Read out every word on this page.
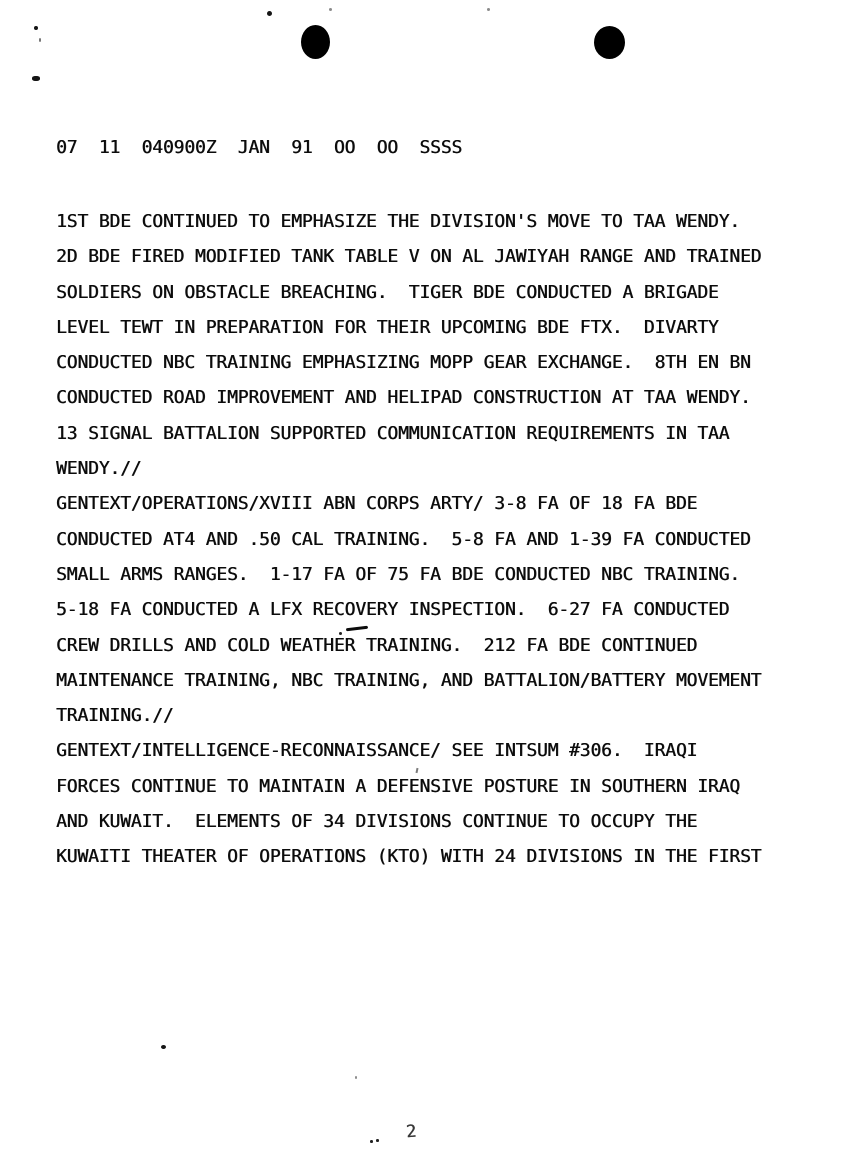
07  11  040900Z  JAN  91  OO  OO  SSSS
1ST BDE CONTINUED TO EMPHASIZE THE DIVISION'S MOVE TO TAA WENDY.
2D BDE FIRED MODIFIED TANK TABLE V ON AL JAWIYAH RANGE AND TRAINED
SOLDIERS ON OBSTACLE BREACHING.  TIGER BDE CONDUCTED A BRIGADE
LEVEL TEWT IN PREPARATION FOR THEIR UPCOMING BDE FTX.  DIVARTY
CONDUCTED NBC TRAINING EMPHASIZING MOPP GEAR EXCHANGE.  8TH EN BN
CONDUCTED ROAD IMPROVEMENT AND HELIPAD CONSTRUCTION AT TAA WENDY.
13 SIGNAL BATTALION SUPPORTED COMMUNICATION REQUIREMENTS IN TAA
WENDY.//
GENTEXT/OPERATIONS/XVIII ABN CORPS ARTY/ 3-8 FA OF 18 FA BDE
CONDUCTED AT4 AND .50 CAL TRAINING.  5-8 FA AND 1-39 FA CONDUCTED
SMALL ARMS RANGES.  1-17 FA OF 75 FA BDE CONDUCTED NBC TRAINING.
5-18 FA CONDUCTED A LFX RECOVERY INSPECTION.  6-27 FA CONDUCTED
CREW DRILLS AND COLD WEATHER TRAINING.  212 FA BDE CONTINUED
MAINTENANCE TRAINING, NBC TRAINING, AND BATTALION/BATTERY MOVEMENT
TRAINING.//
GENTEXT/INTELLIGENCE-RECONNAISSANCE/ SEE INTSUM #306.  IRAQI
FORCES CONTINUE TO MAINTAIN A DEFENSIVE POSTURE IN SOUTHERN IRAQ
AND KUWAIT.  ELEMENTS OF 34 DIVISIONS CONTINUE TO OCCUPY THE
KUWAITI THEATER OF OPERATIONS (KTO) WITH 24 DIVISIONS IN THE FIRST
2
